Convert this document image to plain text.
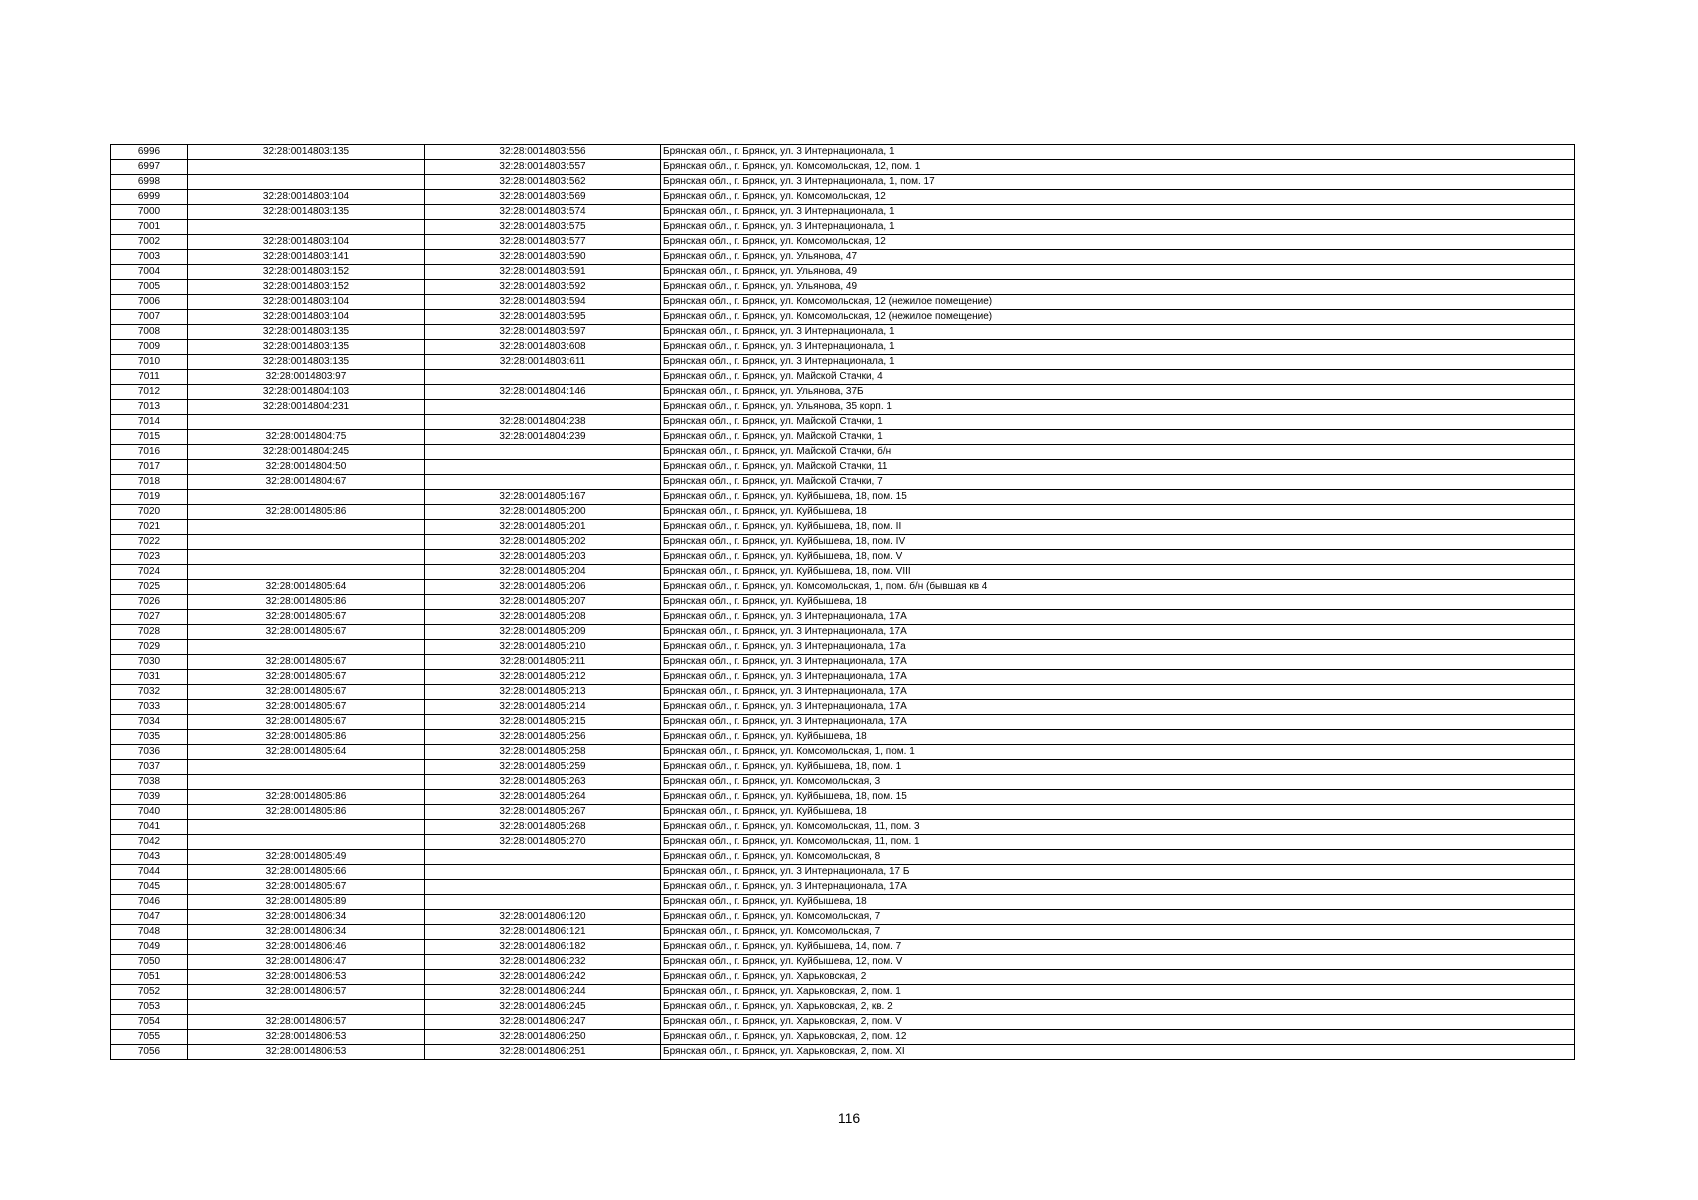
6996	32:28:0014803:135	32:28:0014803:556	Брянская обл., г. Брянск, ул. 3 Интернационала, 1
6997		32:28:0014803:557	Брянская обл., г. Брянск, ул. Комсомольская, 12, пом. 1
6998		32:28:0014803:562	Брянская обл., г. Брянск, ул. 3 Интернационала, 1, пом. 17
6999	32:28:0014803:104	32:28:0014803:569	Брянская обл., г. Брянск, ул. Комсомольская, 12
7000	32:28:0014803:135	32:28:0014803:574	Брянская обл., г. Брянск, ул. 3 Интернационала, 1
7001		32:28:0014803:575	Брянская обл., г. Брянск, ул. 3 Интернационала, 1
7002	32:28:0014803:104	32:28:0014803:577	Брянская обл., г. Брянск, ул. Комсомольская, 12
7003	32:28:0014803:141	32:28:0014803:590	Брянская обл., г. Брянск, ул. Ульянова, 47
7004	32:28:0014803:152	32:28:0014803:591	Брянская обл., г. Брянск, ул. Ульянова, 49
7005	32:28:0014803:152	32:28:0014803:592	Брянская обл., г. Брянск, ул. Ульянова, 49
7006	32:28:0014803:104	32:28:0014803:594	Брянская обл., г. Брянск, ул. Комсомольская, 12 (нежилое помещение)
7007	32:28:0014803:104	32:28:0014803:595	Брянская обл., г. Брянск, ул. Комсомольская, 12 (нежилое помещение)
7008	32:28:0014803:135	32:28:0014803:597	Брянская обл., г. Брянск, ул. 3 Интернационала, 1
7009	32:28:0014803:135	32:28:0014803:608	Брянская обл., г. Брянск, ул. 3 Интернационала, 1
7010	32:28:0014803:135	32:28:0014803:611	Брянская обл., г. Брянск, ул. 3 Интернационала, 1
7011	32:28:0014803:97		Брянская обл., г. Брянск, ул. Майской Стачки, 4
7012	32:28:0014804:103	32:28:0014804:146	Брянская обл., г. Брянск, ул. Ульянова, 37Б
7013	32:28:0014804:231		Брянская обл., г. Брянск, ул. Ульянова, 35 корп. 1
7014		32:28:0014804:238	Брянская обл., г. Брянск, ул. Майской Стачки, 1
7015	32:28:0014804:75	32:28:0014804:239	Брянская обл., г. Брянск, ул. Майской Стачки, 1
7016	32:28:0014804:245		Брянская обл., г. Брянск, ул. Майской Стачки, б/н
7017	32:28:0014804:50		Брянская обл., г. Брянск, ул. Майской Стачки, 11
7018	32:28:0014804:67		Брянская обл., г. Брянск, ул. Майской Стачки, 7
7019		32:28:0014805:167	Брянская обл., г. Брянск, ул. Куйбышева, 18, пом. 15
7020	32:28:0014805:86	32:28:0014805:200	Брянская обл., г. Брянск, ул. Куйбышева, 18
7021		32:28:0014805:201	Брянская обл., г. Брянск, ул. Куйбышева, 18, пом. II
7022		32:28:0014805:202	Брянская обл., г. Брянск, ул. Куйбышева, 18, пом. IV
7023		32:28:0014805:203	Брянская обл., г. Брянск, ул. Куйбышева, 18, пом. V
7024		32:28:0014805:204	Брянская обл., г. Брянск, ул. Куйбышева, 18, пом. VIII
7025	32:28:0014805:64	32:28:0014805:206	Брянская обл., г. Брянск, ул. Комсомольская, 1, пом. б/н (бывшая кв 4
7026	32:28:0014805:86	32:28:0014805:207	Брянская обл., г. Брянск, ул. Куйбышева, 18
7027	32:28:0014805:67	32:28:0014805:208	Брянская обл., г. Брянск, ул. 3 Интернационала, 17А
7028	32:28:0014805:67	32:28:0014805:209	Брянская обл., г. Брянск, ул. 3 Интернационала, 17А
7029		32:28:0014805:210	Брянская обл., г. Брянск, ул. 3 Интернационала, 17а
7030	32:28:0014805:67	32:28:0014805:211	Брянская обл., г. Брянск, ул. 3 Интернационала, 17А
7031	32:28:0014805:67	32:28:0014805:212	Брянская обл., г. Брянск, ул. 3 Интернационала, 17А
7032	32:28:0014805:67	32:28:0014805:213	Брянская обл., г. Брянск, ул. 3 Интернационала, 17А
7033	32:28:0014805:67	32:28:0014805:214	Брянская обл., г. Брянск, ул. 3 Интернационала, 17А
7034	32:28:0014805:67	32:28:0014805:215	Брянская обл., г. Брянск, ул. 3 Интернационала, 17А
7035	32:28:0014805:86	32:28:0014805:256	Брянская обл., г. Брянск, ул. Куйбышева, 18
7036	32:28:0014805:64	32:28:0014805:258	Брянская обл., г. Брянск, ул. Комсомольская, 1, пом. 1
7037		32:28:0014805:259	Брянская обл., г. Брянск, ул. Куйбышева, 18, пом. 1
7038		32:28:0014805:263	Брянская обл., г. Брянск, ул. Комсомольская, 3
7039	32:28:0014805:86	32:28:0014805:264	Брянская обл., г. Брянск, ул. Куйбышева, 18, пом. 15
7040	32:28:0014805:86	32:28:0014805:267	Брянская обл., г. Брянск, ул. Куйбышева, 18
7041		32:28:0014805:268	Брянская обл., г. Брянск, ул. Комсомольская, 11, пом. 3
7042		32:28:0014805:270	Брянская обл., г. Брянск, ул. Комсомольская, 11, пом. 1
7043	32:28:0014805:49		Брянская обл., г. Брянск, ул. Комсомольская, 8
7044	32:28:0014805:66		Брянская обл., г. Брянск, ул. 3 Интернационала, 17 Б
7045	32:28:0014805:67		Брянская обл., г. Брянск, ул. 3 Интернационала, 17А
7046	32:28:0014805:89		Брянская обл., г. Брянск, ул. Куйбышева, 18
7047	32:28:0014806:34	32:28:0014806:120	Брянская обл., г. Брянск, ул. Комсомольская, 7
7048	32:28:0014806:34	32:28:0014806:121	Брянская обл., г. Брянск, ул. Комсомольская, 7
7049	32:28:0014806:46	32:28:0014806:182	Брянская обл., г. Брянск, ул. Куйбышева, 14, пом. 7
7050	32:28:0014806:47	32:28:0014806:232	Брянская обл., г. Брянск, ул. Куйбышева, 12, пом. V
7051	32:28:0014806:53	32:28:0014806:242	Брянская обл., г. Брянск, ул. Харьковская, 2
7052	32:28:0014806:57	32:28:0014806:244	Брянская обл., г. Брянск, ул. Харьковская, 2, пом. 1
7053		32:28:0014806:245	Брянская обл., г. Брянск, ул. Харьковская, 2, кв. 2
7054	32:28:0014806:57	32:28:0014806:247	Брянская обл., г. Брянск, ул. Харьковская, 2, пом. V
7055	32:28:0014806:53	32:28:0014806:250	Брянская обл., г. Брянск, ул. Харьковская, 2, пом. 12
7056	32:28:0014806:53	32:28:0014806:251	Брянская обл., г. Брянск, ул. Харьковская, 2, пом. XI
116
